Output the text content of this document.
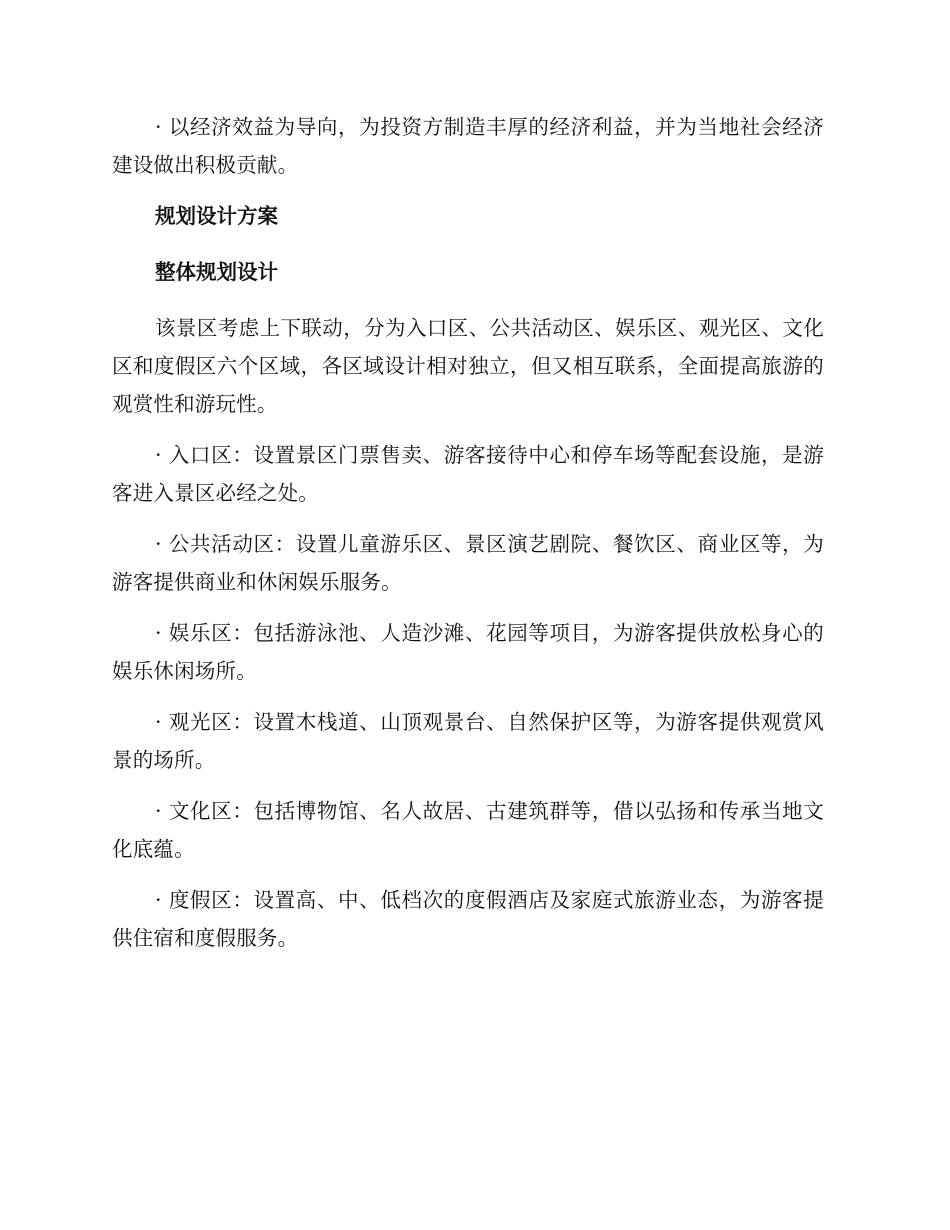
· 以经济效益为导向，为投资方制造丰厚的经济利益，并为当地社会经济建设做出积极贡献。

规划设计方案

整体规划设计

该景区考虑上下联动，分为入口区、公共活动区、娱乐区、观光区、文化区和度假区六个区域，各区域设计相对独立，但又相互联系，全面提高旅游的观赏性和游玩性。

· 入口区：设置景区门票售卖、游客接待中心和停车场等配套设施，是游客进入景区必经之处。

· 公共活动区：设置儿童游乐区、景区演艺剧院、餐饮区、商业区等，为游客提供商业和休闲娱乐服务。

· 娱乐区：包括游泳池、人造沙滩、花园等项目，为游客提供放松身心的娱乐休闲场所。

· 观光区：设置木栈道、山顶观景台、自然保护区等，为游客提供观赏风景的场所。

· 文化区：包括博物馆、名人故居、古建筑群等，借以弘扬和传承当地文化底蕴。

· 度假区：设置高、中、低档次的度假酒店及家庭式旅游业态，为游客提供住宿和度假服务。
